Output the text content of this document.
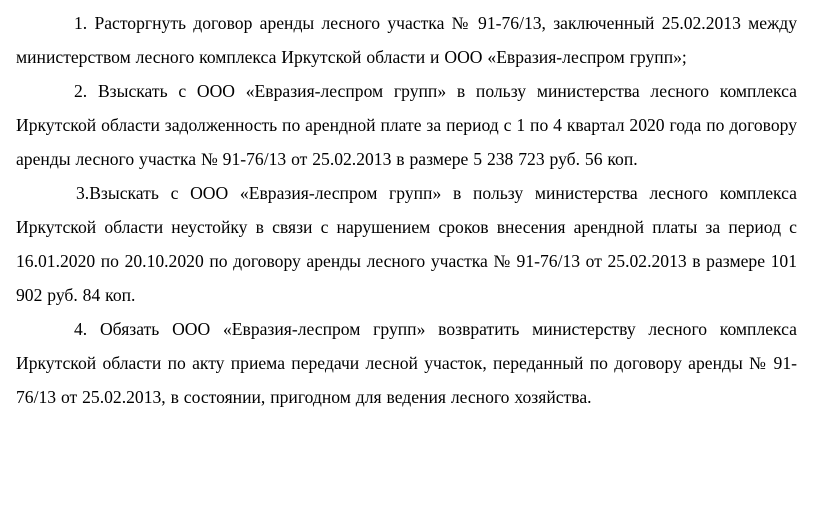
1. Расторгнуть договор аренды лесного участка № 91-76/13, заключенный 25.02.2013 между министерством лесного комплекса Иркутской области и ООО «Евразия-леспром групп»;

2. Взыскать с ООО «Евразия-леспром групп» в пользу министерства лесного комплекса Иркутской области задолженность по арендной плате за период с 1 по 4 квартал 2020 года по договору аренды лесного участка № 91-76/13 от 25.02.2013 в размере 5 238 723 руб. 56 коп.

3.Взыскать с ООО «Евразия-леспром групп» в пользу министерства лесного комплекса Иркутской области неустойку в связи с нарушением сроков внесения арендной платы за период с 16.01.2020 по 20.10.2020 по договору аренды лесного участка № 91-76/13 от 25.02.2013 в размере 101 902 руб. 84 коп.

4. Обязать ООО «Евразия-леспром групп» возвратить министерству лесного комплекса Иркутской области по акту приема передачи лесной участок, переданный по договору аренды № 91-76/13 от 25.02.2013, в состоянии, пригодном для ведения лесного хозяйства.
